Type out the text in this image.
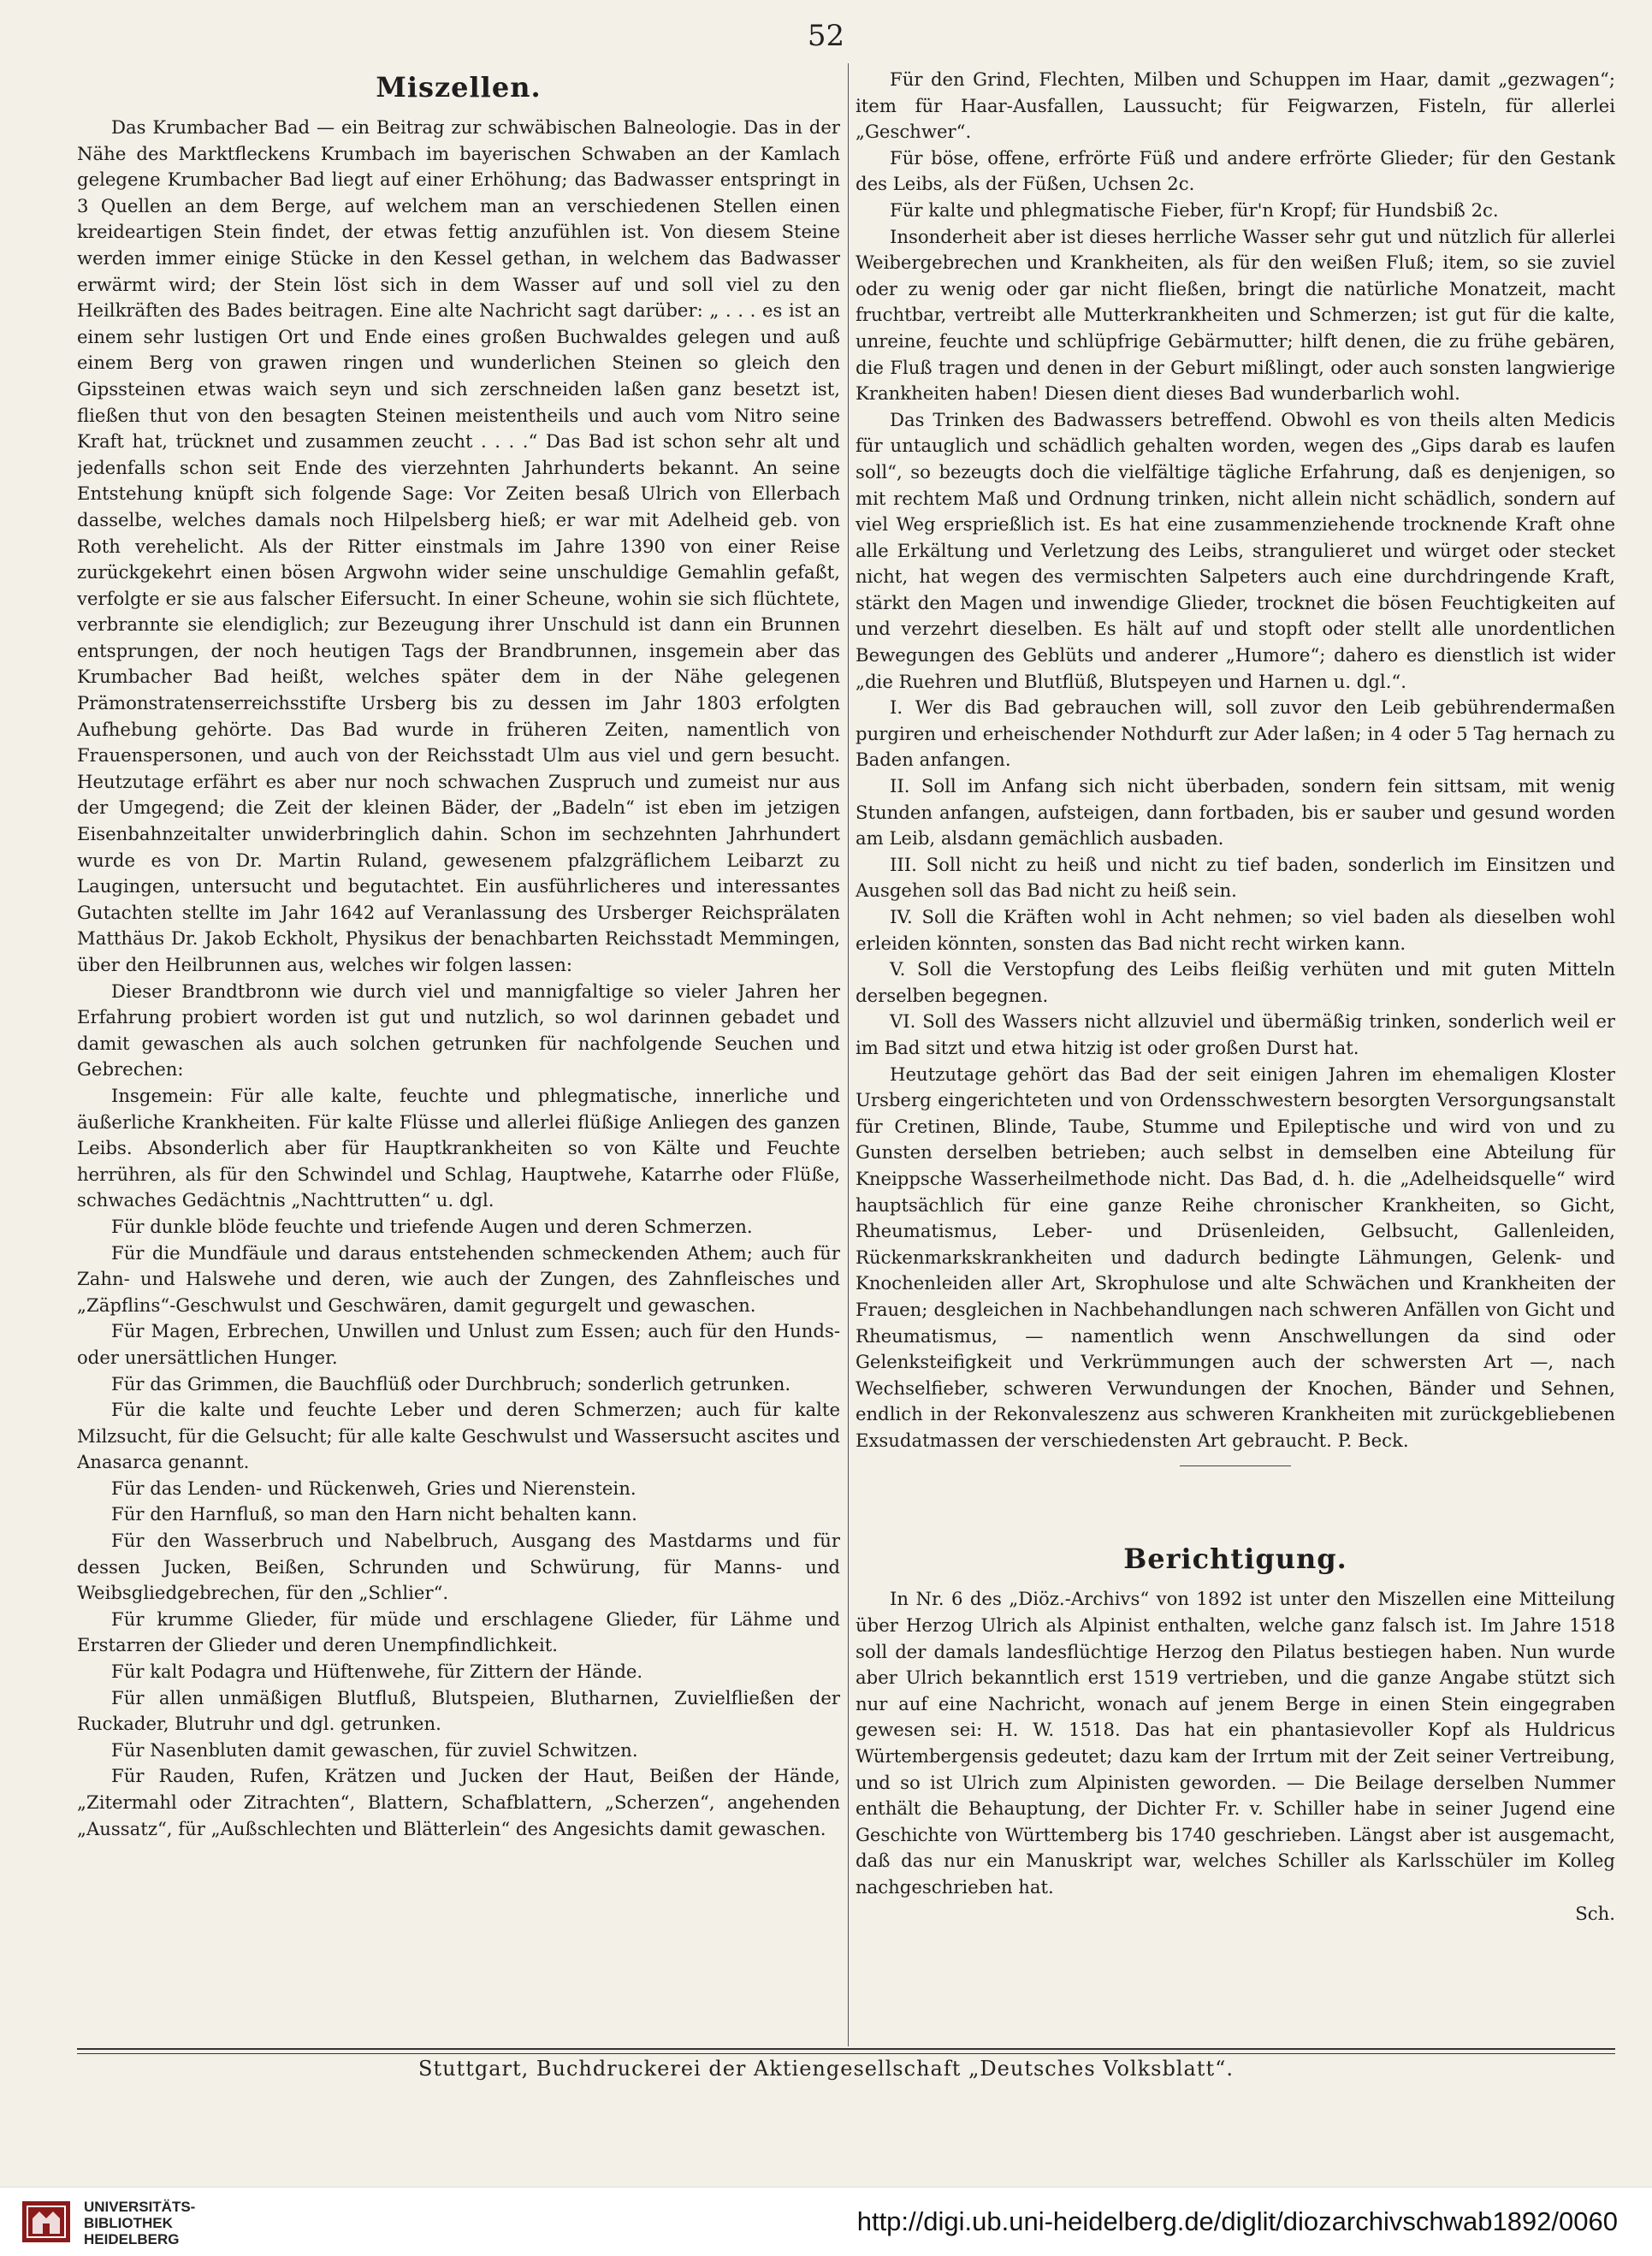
52
Miszellen.

Das Krumbacher Bad — ein Beitrag zur schwäbischen Balneologie. Das in der Nähe des Marktfleckens Krumbach im bayerischen Schwaben an der Kamlach gelegene Krumbacher Bad liegt auf einer Erhöhung; das Badwasser entspringt in 3 Quellen an dem Berge, auf welchem man an verschiedenen Stellen einen kreideartigen Stein findet, der etwas fettig anzufühlen ist. Von diesem Steine werden immer einige Stücke in den Kessel gethan, in welchem das Badwasser erwärmt wird; der Stein löst sich in dem Wasser auf und soll viel zu den Heilkräften des Bades beitragen. Eine alte Nachricht sagt darüber: „ . . . es ist an einem sehr lustigen Ort und Ende eines großen Buchwaldes gelegen und auß einem Berg von grawen ringen und wunderlichen Steinen so gleich den Gipssteinen etwas waich seyn und sich zerschneiden laßen ganz besetzt ist, fließen thut von den besagten Steinen meistentheils und auch vom Nitro seine Kraft hat, trücknet und zusammen zeucht . . . .“ Das Bad ist schon sehr alt und jedenfalls schon seit Ende des vierzehnten Jahrhunderts bekannt. An seine Entstehung knüpft sich folgende Sage: Vor Zeiten besaß Ulrich von Ellerbach dasselbe, welches damals noch Hilpelsberg hieß; er war mit Adelheid geb. von Roth verehelicht. Als der Ritter einstmals im Jahre 1390 von einer Reise zurückgekehrt einen bösen Argwohn wider seine unschuldige Gemahlin gefaßt, verfolgte er sie aus falscher Eifersucht. In einer Scheune, wohin sie sich flüchtete, verbrannte sie elendiglich; zur Bezeugung ihrer Unschuld ist dann ein Brunnen entsprungen, der noch heutigen Tags der Brandbrunnen, insgemein aber das Krumbacher Bad heißt, welches später dem in der Nähe gelegenen Prämonstratenserreichsstifte Ursberg bis zu dessen im Jahr 1803 erfolgten Aufhebung gehörte. Das Bad wurde in früheren Zeiten, namentlich von Frauenspersonen, und auch von der Reichsstadt Ulm aus viel und gern besucht. Heutzutage erfährt es aber nur noch schwachen Zuspruch und zumeist nur aus der Umgegend; die Zeit der kleinen Bäder, der „Badeln“ ist eben im jetzigen Eisenbahnzeitalter unwiderbringlich dahin. Schon im sechzehnten Jahrhundert wurde es von Dr. Martin Ruland, gewesenem pfalzgräflichem Leibarzt zu Laugingen, untersucht und begutachtet. Ein ausführlicheres und interessantes Gutachten stellte im Jahr 1642 auf Veranlassung des Ursberger Reichsprälaten Matthäus Dr. Jakob Eckholt, Physikus der benachbarten Reichsstadt Memmingen, über den Heilbrunnen aus, welches wir folgen lassen:

Dieser Brandtbronn wie durch viel und mannigfaltige so vieler Jahren her Erfahrung probiert worden ist gut und nutzlich, so wol darinnen gebadet und damit gewaschen als auch solchen getrunken für nachfolgende Seuchen und Gebrechen:

Insgemein: Für alle kalte, feuchte und phlegmatische, innerliche und äußerliche Krankheiten. Für kalte Flüsse und allerlei flüßige Anliegen des ganzen Leibs. Absonderlich aber für Hauptkrankheiten so von Kälte und Feuchte herrühren, als für den Schwindel und Schlag, Hauptwehe, Katarrhe oder Flüße, schwaches Gedächtnis „Nachttrutten“ u. dgl.

Für dunkle blöde feuchte und triefende Augen und deren Schmerzen.

Für die Mundfäule und daraus entstehenden schmeckenden Athem; auch für Zahn- und Halswehe und deren, wie auch der Zungen, des Zahnfleisches und „Zäpflins“-Geschwulst und Geschwären, damit gegurgelt und gewaschen.

Für Magen, Erbrechen, Unwillen und Unlust zum Essen; auch für den Hunds- oder unersättlichen Hunger.

Für das Grimmen, die Bauchflüß oder Durchbruch; sonderlich getrunken.

Für die kalte und feuchte Leber und deren Schmerzen; auch für kalte Milzsucht, für die Gelsucht; für alle kalte Geschwulst und Wassersucht ascites und Anasarca genannt.

Für das Lenden- und Rückenweh, Gries und Nierenstein.

Für den Harnfluß, so man den Harn nicht behalten kann.

Für den Wasserbruch und Nabelbruch, Ausgang des Mastdarms und für dessen Jucken, Beißen, Schrunden und Schwürung, für Manns- und Weibsgliedgebrechen, für den „Schlier“.

Für krumme Glieder, für müde und erschlagene Glieder, für Lähme und Erstarren der Glieder und deren Unempfindlichkeit.

Für kalt Podagra und Hüftenwehe, für Zittern der Hände.

Für allen unmäßigen Blutfluß, Blutspeien, Blutharnen, Zuvielfließen der Ruckader, Blutruhr und dgl. getrunken.

Für Nasenbluten damit gewaschen, für zuviel Schwitzen.

Für Rauden, Rufen, Krätzen und Jucken der Haut, Beißen der Hände, „Zitermahl oder Zitrachten“, Blattern, Schafblattern, „Scherzen“, angehenden „Aussatz“, für „Außschlechten und Blätterlein“ des Angesichts damit gewaschen.

Für den Grind, Flechten, Milben und Schuppen im Haar, damit „gezwagen“; item für Haar-Ausfallen, Laussucht; für Feigwarzen, Fisteln, für allerlei „Geschwer“.

Für böse, offene, erfrörte Füß und andere erfrörte Glieder; für den Gestank des Leibs, als der Füßen, Uchsen 2c.

Für kalte und phlegmatische Fieber, für'n Kropf; für Hundsbiß 2c.

Insonderheit aber ist dieses herrliche Wasser sehr gut und nützlich für allerlei Weibergebrechen und Krankheiten, als für den weißen Fluß; item, so sie zuviel oder zu wenig oder gar nicht fließen, bringt die natürliche Monatzeit, macht fruchtbar, vertreibt alle Mutterkrankheiten und Schmerzen; ist gut für die kalte, unreine, feuchte und schlüpfrige Gebärmutter; hilft denen, die zu frühe gebären, die Fluß tragen und denen in der Geburt mißlingt, oder auch sonsten langwierige Krankheiten haben! Diesen dient dieses Bad wunderbarlich wohl.

Das Trinken des Badwassers betreffend. Obwohl es von theils alten Medicis für untauglich und schädlich gehalten worden, wegen des „Gips darab es laufen soll“, so bezeugts doch die vielfältige tägliche Erfahrung, daß es denjenigen, so mit rechtem Maß und Ordnung trinken, nicht allein nicht schädlich, sondern auf viel Weg ersprießlich ist. Es hat eine zusammenziehende trocknende Kraft ohne alle Erkältung und Verletzung des Leibs, strangulieret und würget oder stecket nicht, hat wegen des vermischten Salpeters auch eine durchdringende Kraft, stärkt den Magen und inwendige Glieder, trocknet die bösen Feuchtigkeiten auf und verzehrt dieselben. Es hält auf und stopft oder stellt alle unordentlichen Bewegungen des Geblüts und anderer „Humore“; dahero es dienstlich ist wider „die Ruehren und Blutflüß, Blutspeyen und Harnen u. dgl.“.

I. Wer dis Bad gebrauchen will, soll zuvor den Leib gebührendermaßen purgiren und erheischender Nothdurft zur Ader laßen; in 4 oder 5 Tag hernach zu Baden anfangen.

II. Soll im Anfang sich nicht überbaden, sondern fein sittsam, mit wenig Stunden anfangen, aufsteigen, dann fortbaden, bis er sauber und gesund worden am Leib, alsdann gemächlich ausbaden.

III. Soll nicht zu heiß und nicht zu tief baden, sonderlich im Einsitzen und Ausgehen soll das Bad nicht zu heiß sein.

IV. Soll die Kräften wohl in Acht nehmen; so viel baden als dieselben wohl erleiden könnten, sonsten das Bad nicht recht wirken kann.

V. Soll die Verstopfung des Leibs fleißig verhüten und mit guten Mitteln derselben begegnen.

VI. Soll des Wassers nicht allzuviel und übermäßig trinken, sonderlich weil er im Bad sitzt und etwa hitzig ist oder großen Durst hat.

Heutzutage gehört das Bad der seit einigen Jahren im ehemaligen Kloster Ursberg eingerichteten und von Ordensschwestern besorgten Versorgungsanstalt für Cretinen, Blinde, Taube, Stumme und Epileptische und wird von und zu Gunsten derselben betrieben; auch selbst in demselben eine Abteilung für Kneippsche Wasserheilmethode nicht. Das Bad, d. h. die „Adelheidsquelle“ wird hauptsächlich für eine ganze Reihe chronischer Krankheiten, so Gicht, Rheumatismus, Leber- und Drüsenleiden, Gelbsucht, Gallenleiden, Rückenmarkskrankheiten und dadurch bedingte Lähmungen, Gelenk- und Knochenleiden aller Art, Skrophulose und alte Schwächen und Krankheiten der Frauen; desgleichen in Nachbehandlungen nach schweren Anfällen von Gicht und Rheumatismus, — namentlich wenn Anschwellungen da sind oder Gelenksteifigkeit und Verkrümmungen auch der schwersten Art —, nach Wechselfieber, schweren Verwundungen der Knochen, Bänder und Sehnen, endlich in der Rekonvaleszenz aus schweren Krankheiten mit zurückgebliebenen Exsudatmassen der verschiedensten Art gebraucht. P. Beck.

Berichtigung.

In Nr. 6 des „Diöz.-Archivs“ von 1892 ist unter den Miszellen eine Mitteilung über Herzog Ulrich als Alpinist enthalten, welche ganz falsch ist. Im Jahre 1518 soll der damals landesflüchtige Herzog den Pilatus bestiegen haben. Nun wurde aber Ulrich bekanntlich erst 1519 vertrieben, und die ganze Angabe stützt sich nur auf eine Nachricht, wonach auf jenem Berge in einen Stein eingegraben gewesen sei: H. W. 1518. Das hat ein phantasievoller Kopf als Huldricus Würtembergensis gedeutet; dazu kam der Irrtum mit der Zeit seiner Vertreibung, und so ist Ulrich zum Alpinisten geworden. — Die Beilage derselben Nummer enthält die Behauptung, der Dichter Fr. v. Schiller habe in seiner Jugend eine Geschichte von Württemberg bis 1740 geschrieben. Längst aber ist ausgemacht, daß das nur ein Manuskript war, welches Schiller als Karlsschüler im Kolleg nachgeschrieben hat.

Sch.
Stuttgart, Buchdruckerei der Aktiengesellschaft „Deutsches Volksblatt“.
UNIVERSITÄTS-
BIBLIOTHEK
HEIDELBERG
http://digi.ub.uni-heidelberg.de/diglit/diozarchivschwab1892/0060
